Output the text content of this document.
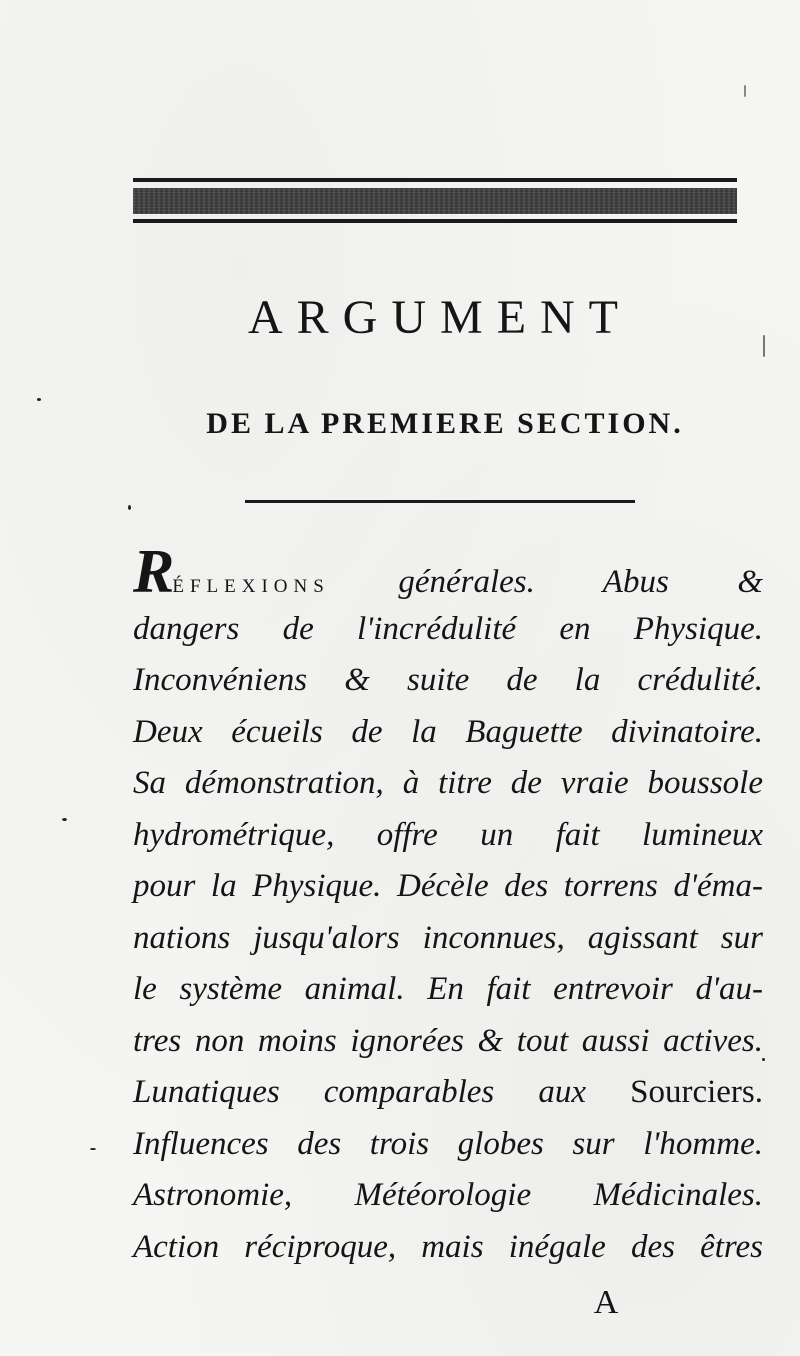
ARGUMENT
DE LA PREMIERE SECTION.
RÉFLEXIONS générales. Abus &
dangers de l'incrédulité en Physique.
Inconvéniens & suite de la crédulité.
Deux écueils de la Baguette divinatoire.
Sa démonstration, à titre de vraie boussole
hydrométrique, offre un fait lumineux
pour la Physique. Décèle des torrens d'éma-
nations jusqu'alors inconnues, agissant sur
le système animal. En fait entrevoir d'au-
tres non moins ignorées & tout aussi actives.
Lunatiques comparables aux Sourciers.
Influences des trois globes sur l'homme.
Astronomie, Météorologie Médicinales.
Action réciproque, mais inégale des êtres
A
